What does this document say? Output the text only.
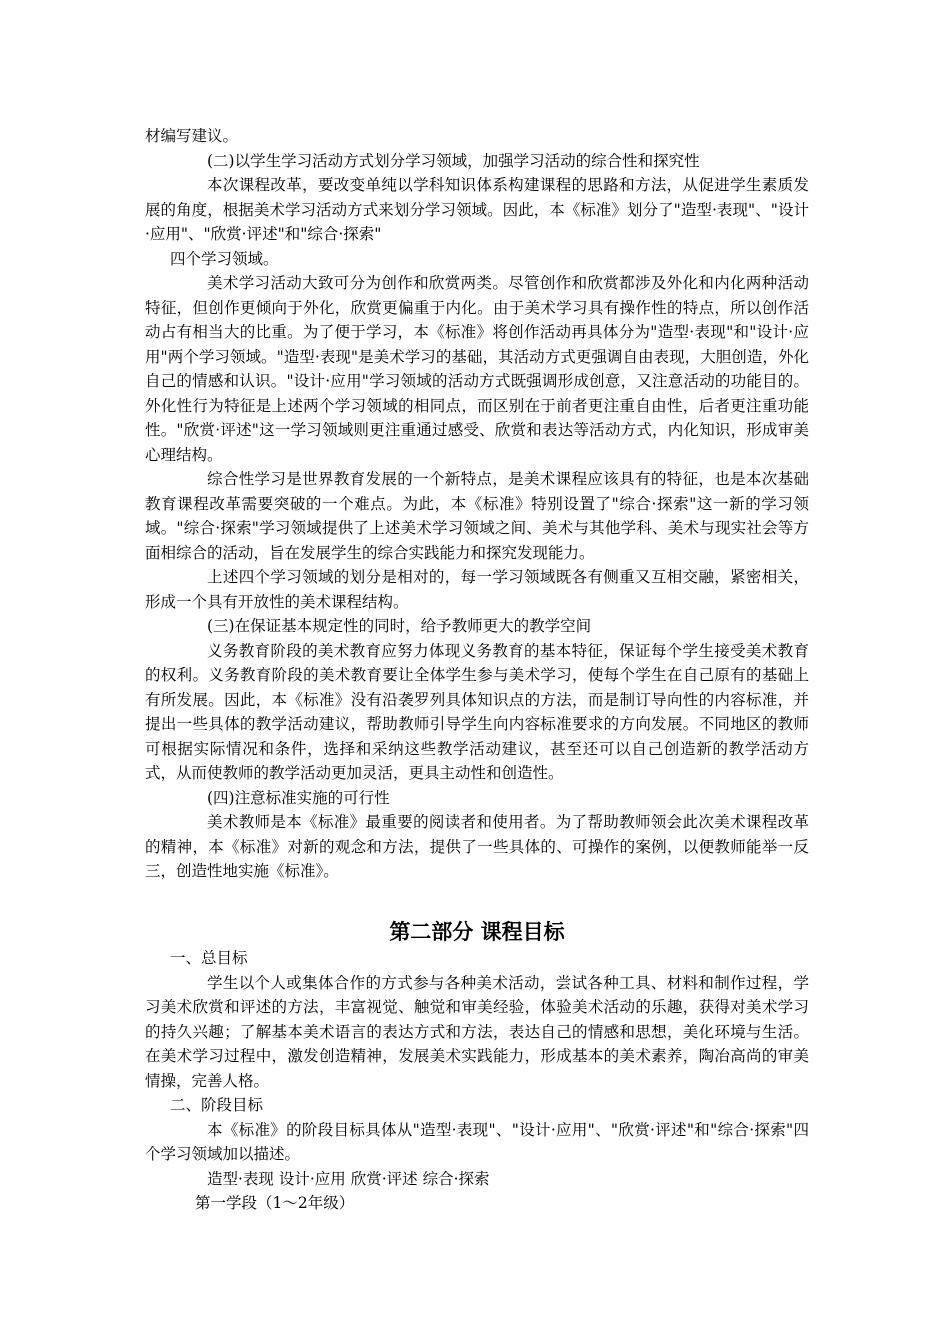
材编写建议。

(二)以学生学习活动方式划分学习领域，加强学习活动的综合性和探究性

本次课程改革，要改变单纯以学科知识体系构建课程的思路和方法，从促进学生素质发展的角度，根据美术学习活动方式来划分学习领域。因此，本《标准》划分了"造型·表现"、"设计·应用"、"欣赏·评述"和"综合·探索"

四个学习领域。

美术学习活动大致可分为创作和欣赏两类。尽管创作和欣赏都涉及外化和内化两种活动特征，但创作更倾向于外化，欣赏更偏重于内化。由于美术学习具有操作性的特点，所以创作活动占有相当大的比重。为了便于学习，本《标准》将创作活动再具体分为"造型·表现"和"设计·应用"两个学习领域。"造型·表现"是美术学习的基础，其活动方式更强调自由表现，大胆创造，外化自己的情感和认识。"设计·应用"学习领域的活动方式既强调形成创意，又注意活动的功能目的。外化性行为特征是上述两个学习领域的相同点，而区别在于前者更注重自由性，后者更注重功能性。"欣赏·评述"这一学习领域则更注重通过感受、欣赏和表达等活动方式，内化知识，形成审美心理结构。

综合性学习是世界教育发展的一个新特点，是美术课程应该具有的特征，也是本次基础教育课程改革需要突破的一个难点。为此，本《标准》特别设置了"综合·探索"这一新的学习领域。"综合·探索"学习领域提供了上述美术学习领域之间、美术与其他学科、美术与现实社会等方面相综合的活动，旨在发展学生的综合实践能力和探究发现能力。

上述四个学习领域的划分是相对的，每一学习领域既各有侧重又互相交融，紧密相关，形成一个具有开放性的美术课程结构。

(三)在保证基本规定性的同时，给予教师更大的教学空间

义务教育阶段的美术教育应努力体现义务教育的基本特征，保证每个学生接受美术教育的权利。义务教育阶段的美术教育要让全体学生参与美术学习，使每个学生在自己原有的基础上有所发展。因此，本《标准》没有沿袭罗列具体知识点的方法，而是制订导向性的内容标准，并提出一些具体的教学活动建议，帮助教师引导学生向内容标准要求的方向发展。不同地区的教师可根据实际情况和条件，选择和采纳这些教学活动建议，甚至还可以自己创造新的教学活动方式，从而使教师的教学活动更加灵活，更具主动性和创造性。

(四)注意标准实施的可行性

美术教师是本《标准》最重要的阅读者和使用者。为了帮助教师领会此次美术课程改革的精神，本《标准》对新的观念和方法，提供了一些具体的、可操作的案例，以便教师能举一反三，创造性地实施《标准》。

第二部分 课程目标

一、总目标

学生以个人或集体合作的方式参与各种美术活动，尝试各种工具、材料和制作过程，学习美术欣赏和评述的方法，丰富视觉、触觉和审美经验，体验美术活动的乐趣，获得对美术学习的持久兴趣；了解基本美术语言的表达方式和方法，表达自己的情感和思想，美化环境与生活。在美术学习过程中，激发创造精神，发展美术实践能力，形成基本的美术素养，陶冶高尚的审美情操，完善人格。

二、阶段目标

本《标准》的阶段目标具体从"造型·表现"、"设计·应用"、"欣赏·评述"和"综合·探索"四个学习领域加以描述。

造型·表现 设计·应用 欣赏·评述 综合·探索

第一学段（1～2年级）
